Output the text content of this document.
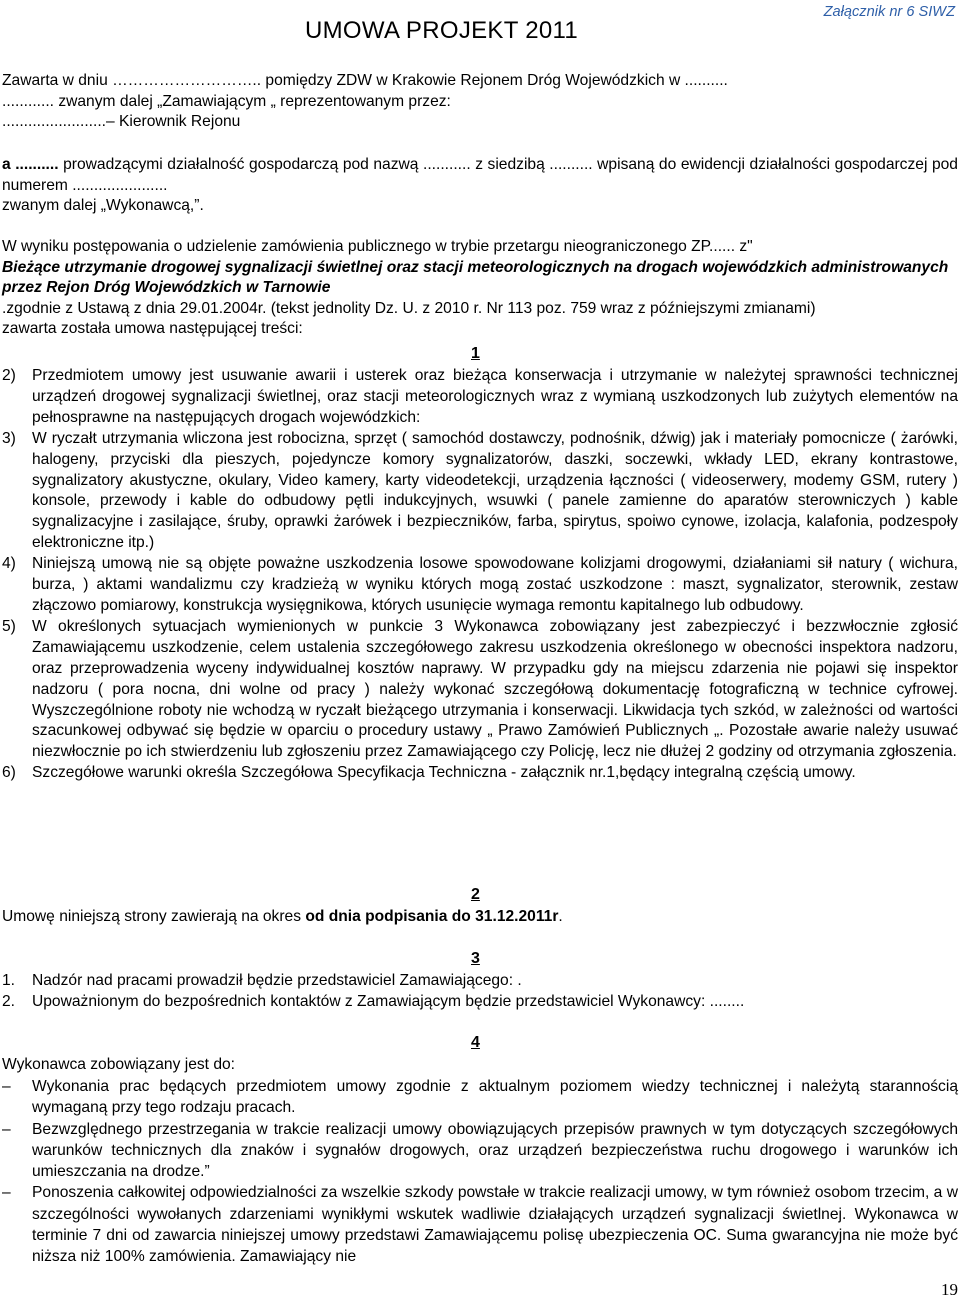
UMOWA PROJEKT 2011
Załącznik nr 6 SIWZ
Zawarta w dniu ……………………….. pomiędzy ZDW w Krakowie Rejonem Dróg Wojewódzkich w ..........
............ zwanym dalej „Zamawiającym „ reprezentowanym przez:
........................– Kierownik Rejonu
a .......... prowadzącymi działalność gospodarczą pod nazwą ........... z siedzibą .......... wpisaną do ewidencji działalności gospodarczej pod numerem ......................
zwanym dalej „Wykonawcą,”.
W wyniku postępowania o udzielenie zamówienia publicznego w trybie przetargu nieograniczonego ZP...... z"
Bieżące utrzymanie drogowej sygnalizacji świetlnej oraz stacji meteorologicznych na drogach wojewódzkich administrowanych przez Rejon Dróg Wojewódzkich w Tarnowie
.zgodnie z Ustawą z dnia 29.01.2004r. (tekst jednolity Dz. U. z 2010 r. Nr 113 poz. 759 wraz z późniejszymi zmianami)
zawarta została umowa następującej treści:
1
2) Przedmiotem umowy jest usuwanie awarii i usterek oraz bieżąca konserwacja i utrzymanie w należytej sprawności technicznej urządzeń drogowej sygnalizacji świetlnej, oraz stacji meteorologicznych wraz z wymianą uszkodzonych lub zużytych elementów na pełnosprawne na następujących drogach wojewódzkich:
3) W ryczałt utrzymania wliczona jest robocizna, sprzęt ( samochód dostawczy, podnośnik, dźwig) jak i materiały pomocnicze ( żarówki, halogeny, przyciski dla pieszych, pojedyncze komory sygnalizatorów, daszki, soczewki, wkłady LED, ekrany kontrastowe, sygnalizatory akustyczne, okulary, Video kamery, karty videodetekcji, urządzenia łączności ( videoserwery, modemy GSM, rutery ) konsole, przewody i kable do odbudowy pętli indukcyjnych, wsuwki ( panele zamienne do aparatów sterowniczych ) kable sygnalizacyjne i zasilające, śruby, oprawki żarówek i bezpieczników, farba, spirytus, spoiwo cynowe, izolacja, kalafonia, podzespoły elektroniczne itp.)
4) Niniejszą umową nie są objęte poważne uszkodzenia losowe spowodowane kolizjami drogowymi, działaniami sił natury ( wichura, burza, ) aktami wandalizmu czy kradzieżą w wyniku których mogą zostać uszkodzone : maszt, sygnalizator, sterownik, zestaw złączowo pomiarowy, konstrukcja wysięgnikowa, których usunięcie wymaga remontu kapitalnego lub odbudowy.
5) W określonych sytuacjach wymienionych w punkcie 3 Wykonawca zobowiązany jest zabezpieczyć i bezzwłocznie zgłosić Zamawiającemu uszkodzenie, celem ustalenia szczegółowego zakresu uszkodzenia określonego w obecności inspektora nadzoru, oraz przeprowadzenia wyceny indywidualnej kosztów naprawy. W przypadku gdy na miejscu zdarzenia nie pojawi się inspektor nadzoru ( pora nocna, dni wolne od pracy ) należy wykonać szczegółową dokumentację fotograficzną w technice cyfrowej. Wyszczególnione roboty nie wchodzą w ryczałt bieżącego utrzymania i konserwacji. Likwidacja tych szkód, w zależności od wartości szacunkowej odbywać się będzie w oparciu o procedury ustawy „ Prawo Zamówień Publicznych „. Pozostałe awarie należy usuwać niezwłocznie po ich stwierdzeniu lub zgłoszeniu przez Zamawiającego czy Policję, lecz nie dłużej 2 godziny od otrzymania zgłoszenia.
6) Szczegółowe warunki określa Szczegółowa Specyfikacja Techniczna - załącznik nr.1,będący integralną częścią umowy.
2
Umowę niniejszą strony zawierają na okres od dnia podpisania do 31.12.2011r.
3
1. Nadzór nad pracami prowadził będzie przedstawiciel Zamawiającego: .
2. Upoważnionym do bezpośrednich kontaktów z Zamawiającym będzie przedstawiciel Wykonawcy: ........
4
Wykonawca zobowiązany jest do:
– Wykonania prac będących przedmiotem umowy zgodnie z aktualnym poziomem wiedzy technicznej i należytą starannością wymaganą przy tego rodzaju pracach.
– Bezwzględnego przestrzegania w trakcie realizacji umowy obowiązujących przepisów prawnych w tym dotyczących szczegółowych warunków technicznych dla znaków i sygnałów drogowych, oraz urządzeń bezpieczeństwa ruchu drogowego i warunków ich umieszczania na drodze.”
– Ponoszenia całkowitej odpowiedzialności za wszelkie szkody powstałe w trakcie realizacji umowy, w tym również osobom trzecim, a w szczególności wywołanych zdarzeniami wynikłymi wskutek wadliwie działających urządzeń sygnalizacji świetlnej. Wykonawca w terminie 7 dni od zawarcia niniejszej umowy przedstawi Zamawiającemu polisę ubezpieczenia OC. Suma gwarancyjna nie może być niższa niż 100% zamówienia. Zamawiający nie
19
